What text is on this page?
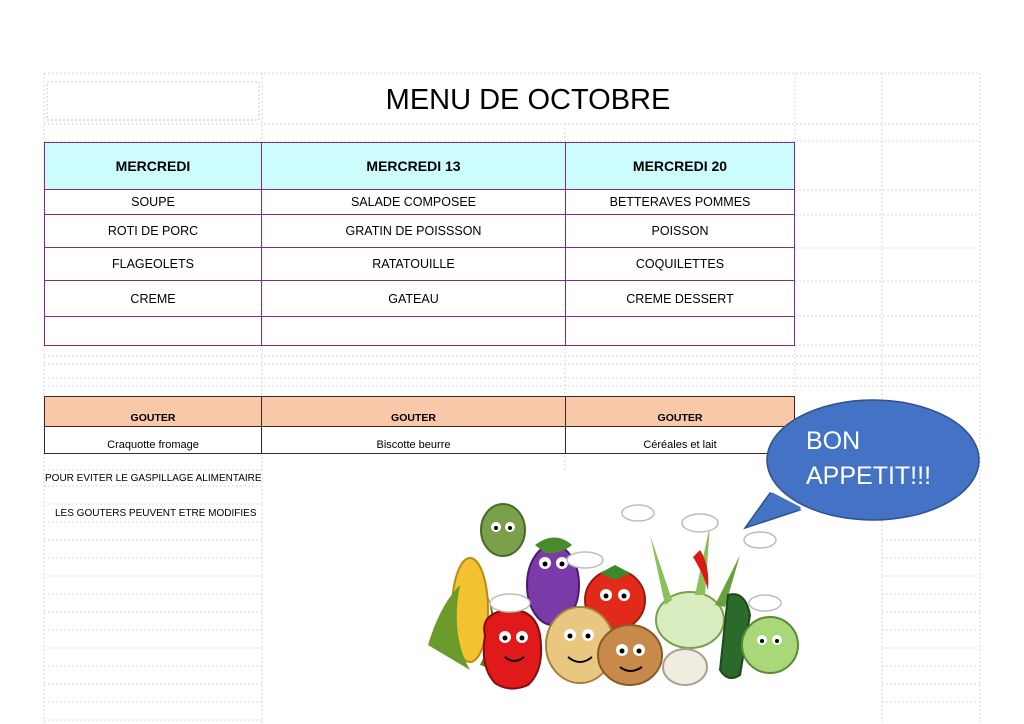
MENU DE OCTOBRE
MERCREDI	MERCREDI 13	MERCREDI 20
SOUPE	SALADE COMPOSEE	BETTERAVES POMMES
ROTI DE PORC	GRATIN DE POISSSON	POISSON
FLAGEOLETS	RATATOUILLE	COQUILETTES
CREME	GATEAU	CREME DESSERT
GOUTER	GOUTER	GOUTER
Craquotte fromage	Biscotte beurre	Céréales et lait
POUR EVITER LE GASPILLAGE ALIMENTAIRE
LES GOUTERS PEUVENT ETRE MODIFIES
BON
APPETIT!!!
